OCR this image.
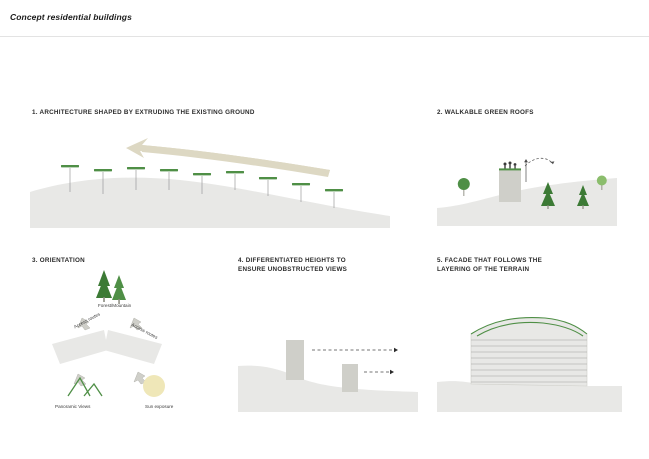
Concept residential buildings
1. ARCHITECTURE SHAPED BY EXTRUDING THE EXISTING GROUND	2. WALKABLE GREEN ROOFS
3. ORIENTATION
Forest/Mountain
Access routes
Access routes
Panoramic Views	Sun exposure
4. DIFFERENTIATED HEIGHTS TO
ENSURE UNOBSTRUCTED VIEWS
5. FACADE THAT FOLLOWS THE
LAYERING OF THE TERRAIN
